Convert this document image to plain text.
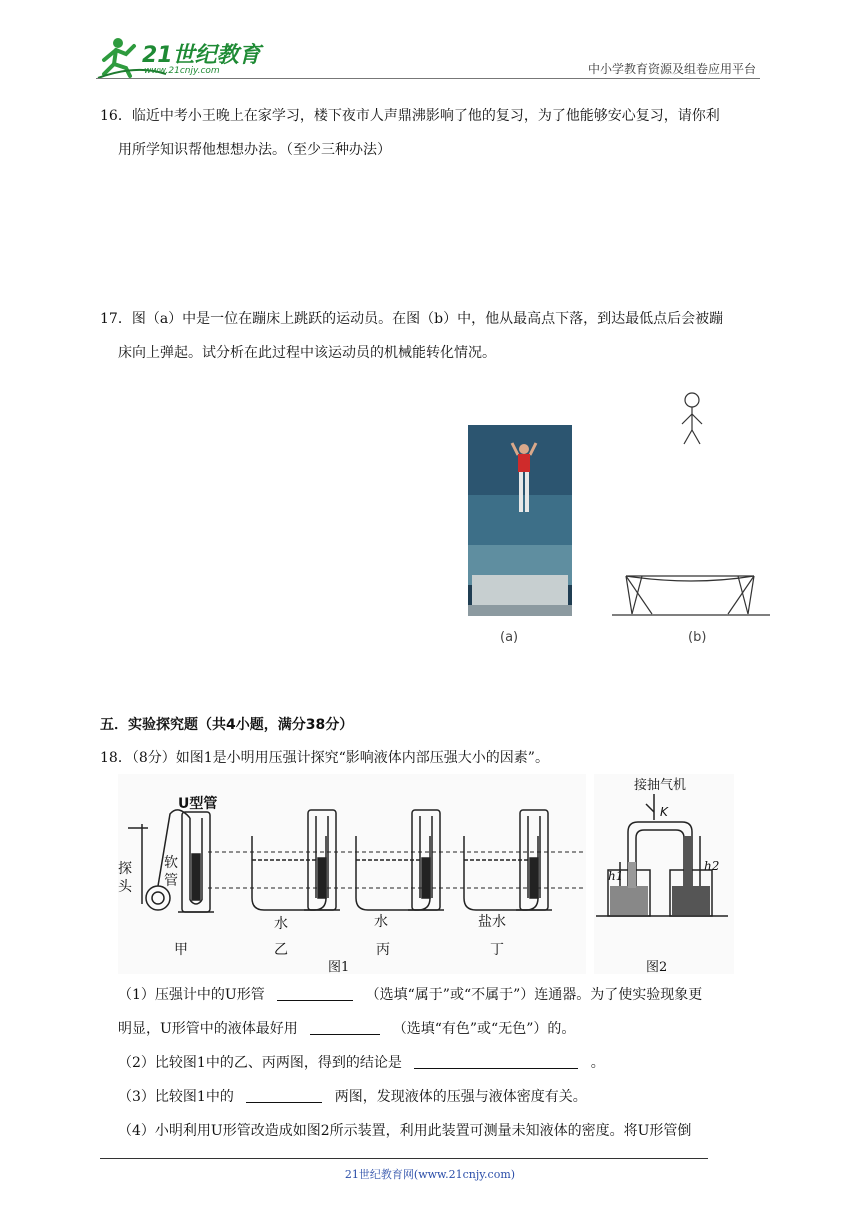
21世纪教育
www.21cnjy.com	中小学教育资源及组卷应用平台
16．临近中考小王晚上在家学习，楼下夜市人声鼎沸影响了他的复习，为了他能够安心复习，请你利
用所学知识帮他想想办法。（至少三种办法）
17．图（a）中是一位在蹦床上跳跃的运动员。在图（b）中，他从最高点下落，到达最低点后会被蹦
床向上弹起。试分析在此过程中该运动员的机械能转化情况。
(a)	(b)
五．实验探究题（共4小题，满分38分）
18．（8分）如图1是小明用压强计探究“影响液体内部压强大小的因素”。
U型管
探头
软管
水	水	盐水
甲	乙	丙	丁
图1
接抽气机
K
h1
h2
图2
（1）压强计中的U形管	（选填“属于”或“不属于”）连通器。为了使实验现象更
明显，U形管中的液体最好用	（选填“有色”或“无色”）的。
（2）比较图1中的乙、丙两图，得到的结论是	。
（3）比较图1中的	两图，发现液体的压强与液体密度有关。
（4）小明利用U形管改造成如图2所示装置，利用此装置可测量未知液体的密度。将U形管倒
21世纪教育网(www.21cnjy.com)
